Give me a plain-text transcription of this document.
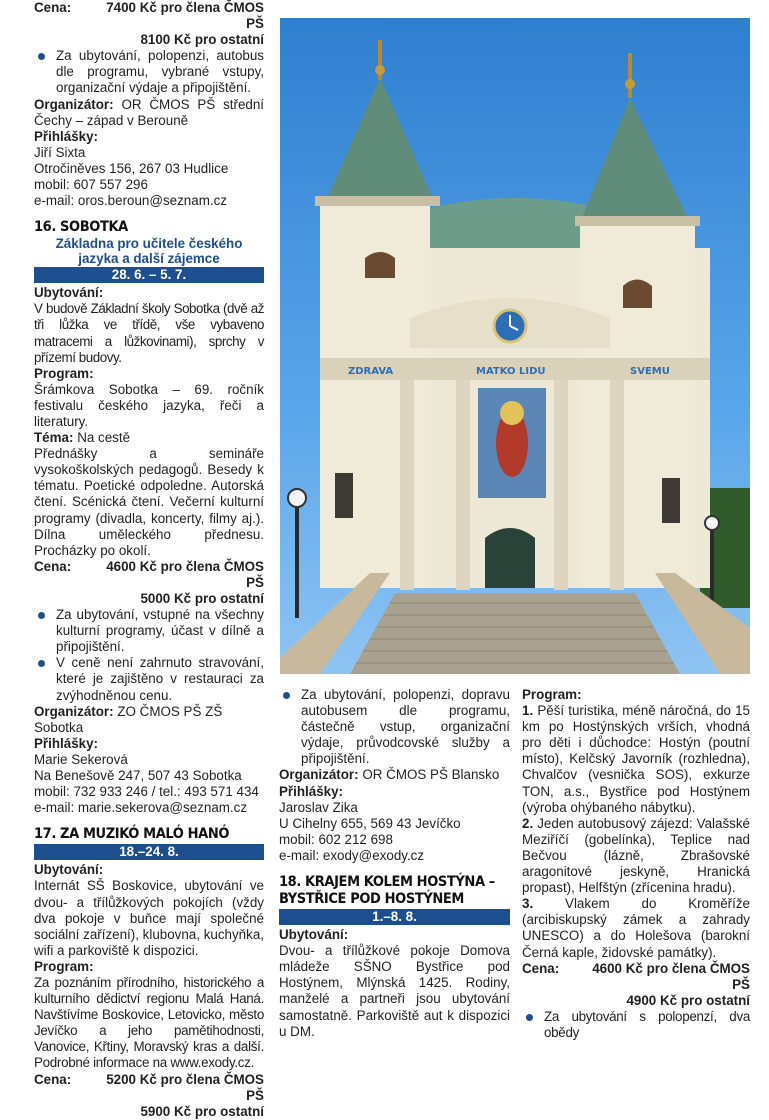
Cena:	7400 Kč pro člena ČMOS PŠ

8100 Kč pro ostatní

Za ubytování, polopenzi, autobus dle programu, vybrané vstupy, organizační výdaje a připojištění.

Organizátor: OR ČMOS PŠ střední Čechy – západ v Berouně

Přihlášky:

Jiří Sixta

Otročiněves 156, 267 03 Hudlice

mobil: 607 557 296

e-mail: oros.beroun@seznam.cz

16. SOBOTKA
Základna pro učitele českého jazyka a další zájemce
28. 6. – 5. 7.

Ubytování:

V budově Základní školy Sobotka (dvě až tři lůžka ve třídě, vše vybaveno matracemi a lůžkovinami), sprchy v přízemí budovy.

Program:

Šrámkova Sobotka – 69. ročník festivalu českého jazyka, řeči a literatury.

Téma: Na cestě

Přednášky a semináře vysokoškolských pedagogů. Besedy k tématu. Poetické odpoledne. Autorská čtení. Scénická čtení. Večerní kulturní programy (divadla, koncerty, filmy aj.). Dílna uměleckého přednesu. Procházky po okolí.

Cena:	4600 Kč pro člena ČMOS PŠ

5000 Kč pro ostatní

Za ubytování, vstupné na všechny kulturní programy, účast v dílně a připojištění.
V ceně není zahrnuto stravování, které je zajištěno v restauraci za zvýhodněnou cenu.

Organizátor: ZO ČMOS PŠ ZŠ Sobotka

Přihlášky:

Marie Sekerová

Na Benešově 247, 507 43 Sobotka

mobil: 732 933 246 / tel.: 493 571 434

e-mail: marie.sekerova@seznam.cz

17. ZA MUZIKÓ MALÓ HANÓ
18.–24. 8.

Ubytování:

Internát SŠ Boskovice, ubytování ve dvou- a třílůžkových pokojích (vždy dva pokoje v buňce mají společné sociální zařízení), klubovna, kuchyňka, wifi a parkoviště k dispozici.

Program:

Za poznáním přírodního, historického a kulturního dědictví regionu Malá Haná. Navštívíme Boskovice, Letovicko, město Jevíčko a jeho pamětihodnosti, Vanovice, Křtiny, Moravský kras a další. Podrobné informace na www.exody.cz.

Cena:	5200 Kč pro člena ČMOS PŠ

5900 Kč pro ostatní

ZDRAVA	MATKO LIDU	SVEMU
Za ubytování, polopenzi, dopravu autobusem dle programu, částečně vstup, organizační výdaje, průvodcovské služby a připojištění.

Organizátor: OR ČMOS PŠ Blansko

Přihlášky:

Jaroslav Zika

U Cihelny 655, 569 43 Jevíčko

mobil: 602 212 698

e-mail: exody@exody.cz

18. KRAJEM KOLEM HOSTÝNA – BYSTŘICE POD HOSTÝNEM
1.–8. 8.

Ubytování:

Dvou- a třílůžkové pokoje Domova mládeže SŠNO Bystřice pod Hostýnem, Mlýnská 1425. Rodiny, manželé a partneři jsou ubytování samostatně. Parkoviště aut k dispozici u DM.

Program:

1. Pěší turistika, méně náročná, do 15 km po Hostýnských vrších, vhodná pro děti i důchodce: Hostýn (poutní místo), Kelčský Javorník (rozhledna), Chvalčov (vesnička SOS), exkurze TON, a.s., Bystřice pod Hostýnem (výroba ohýbaného nábytku).

2. Jeden autobusový zájezd: Valašské Meziříčí (gobelínka), Teplice nad Bečvou (lázně, Zbrašovské aragonitové jeskyně, Hranická propast), Helfštýn (zřícenina hradu).

3. Vlakem do Kroměříže (arcibiskupský zámek a zahrady UNESCO) a do Holešova (barokní Černá kaple, židovské památky).

Cena:	4600 Kč pro člena ČMOS PŠ

4900 Kč pro ostatní

Za ubytování s polopenzí, dva obědy
